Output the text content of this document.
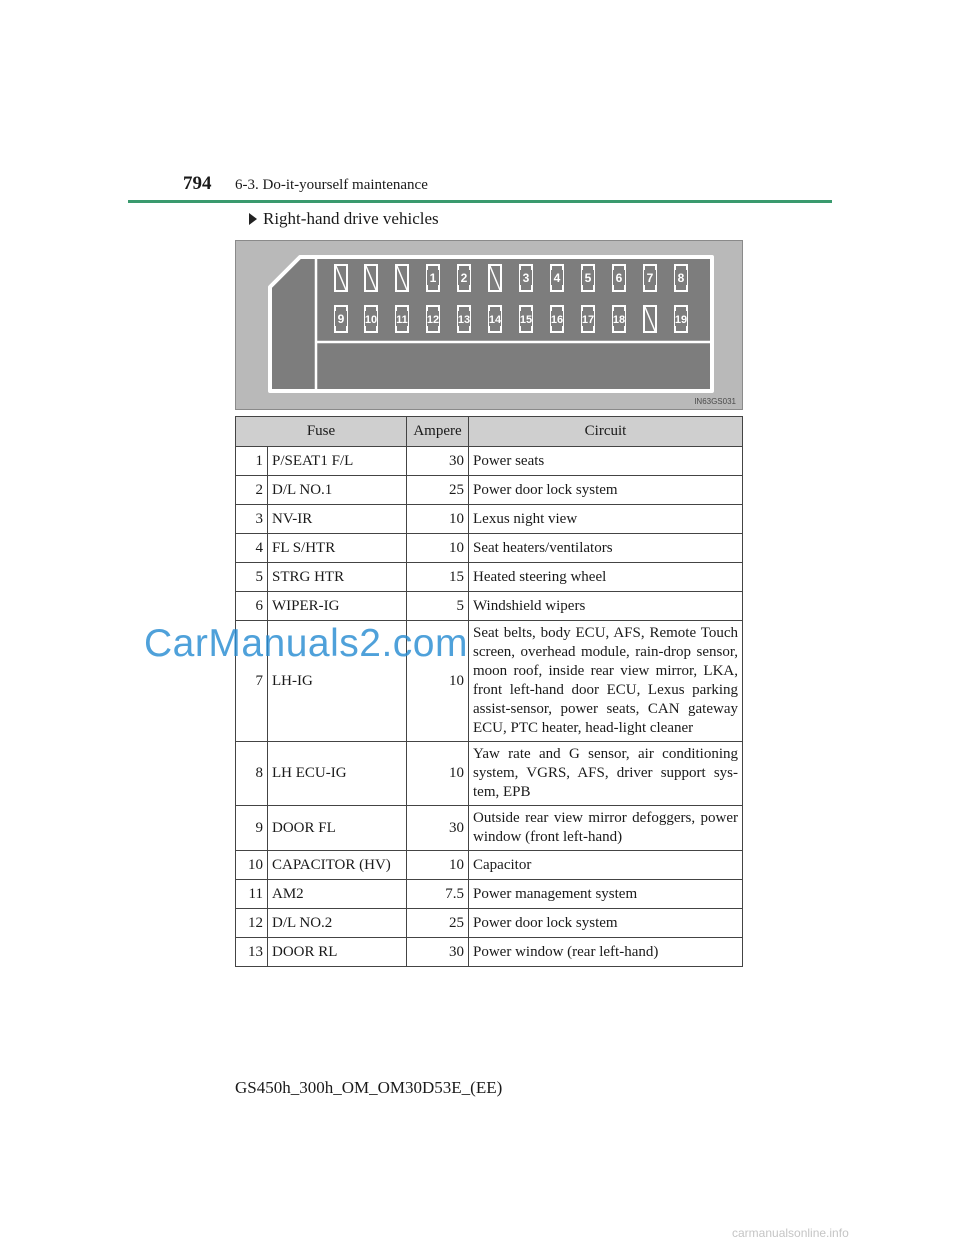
794 6-3. Do-it-yourself maintenance
Right-hand drive vehicles
1 2	3 4 5 6 7 8
9 10 11 12 13 14 15 16 17 18	19
IN63GS031
Fuse		Ampere	Circuit
1	P/SEAT1 F/L	30	Power seats
2	D/L NO.1	25	Power door lock system
3	NV-IR	10	Lexus night view
4	FL S/HTR	10	Seat heaters/ventilators
5	STRG HTR	15	Heated steering wheel
6	WIPER-IG	5	Windshield wipers
7	LH-IG	10	Seat belts, body ECU, AFS, Remote Touch screen, overhead module, rain-drop sensor, moon roof, inside rear view mirror, LKA, front left-hand door ECU, Lexus parking assist-sensor, power seats, CAN gateway ECU, PTC heater, head-light cleaner
8	LH ECU-IG	10	Yaw rate and G sensor, air conditioning system, VGRS, AFS, driver support sys-tem, EPB
9	DOOR FL	30	Outside rear view mirror defoggers, power window (front left-hand)
10	CAPACITOR (HV)	10	Capacitor
11	AM2	7.5	Power management system
12	D/L NO.2	25	Power door lock system
13	DOOR RL	30	Power window (rear left-hand)
CarManuals2.com
GS450h_300h_OM_OM30D53E_(EE)
carmanualsonline.info
